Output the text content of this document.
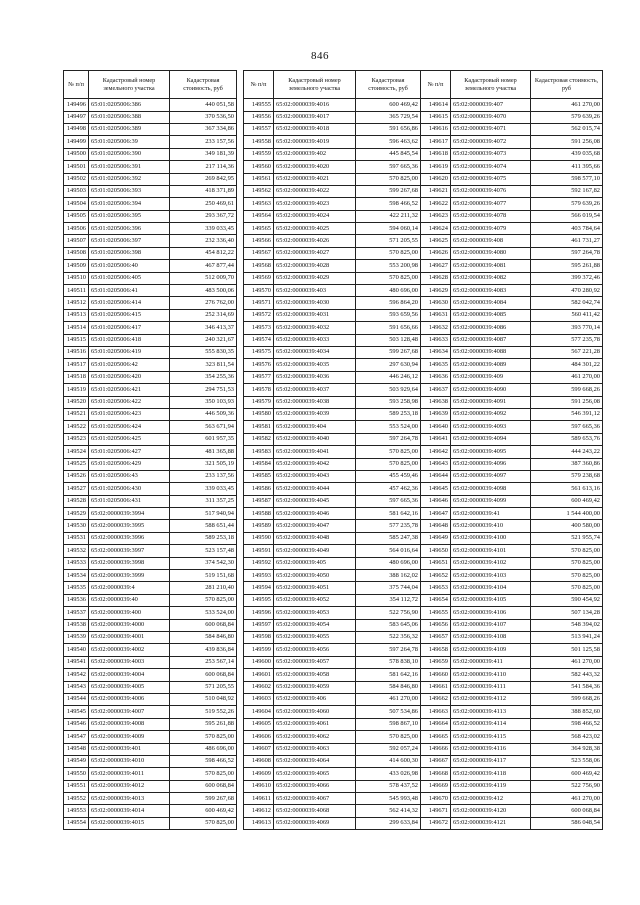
846
№ п/п	Кадастровый номер земельного участка	Кадастровая стоимость, руб
149496	65:01:0205006:386	440 051,58
149497	65:01:0205006:388	370 536,50
149498	65:01:0205006:389	367 334,86
149499	65:01:0205006:39	233 157,56
149500	65:01:0205006:390	349 181,39
149501	65:01:0205006:391	217 114,36
149502	65:01:0205006:392	269 842,95
149503	65:01:0205006:393	418 371,89
149504	65:01:0205006:394	250 469,61
149505	65:01:0205006:395	293 367,72
149506	65:01:0205006:396	339 033,45
149507	65:01:0205006:397	232 336,40
149508	65:01:0205006:398	454 812,22
149509	65:01:0205006:40	467 877,44
149510	65:01:0205006:405	512 009,70
149511	65:01:0205006:41	483 500,06
149512	65:01:0205006:414	276 762,00
149513	65:01:0205006:415	252 314,69
149514	65:01:0205006:417	346 413,37
149515	65:01:0205006:418	240 321,67
149516	65:01:0205006:419	555 830,35
149517	65:01:0205006:42	323 811,54
149518	65:01:0205006:420	354 255,36
149519	65:01:0205006:421	294 751,53
149520	65:01:0205006:422	350 103,93
149521	65:01:0205006:423	446 509,36
149522	65:01:0205006:424	563 671,94
149523	65:01:0205006:425	601 957,35
149524	65:01:0205006:427	481 365,88
149525	65:01:0205006:429	321 505,19
149526	65:01:0205006:43	233 137,56
149527	65:01:0205006:430	339 033,45
149528	65:01:0205006:431	311 357,25
149529	65:02:0000039:3994	517 940,94
149530	65:02:0000039:3995	588 651,44
149531	65:02:0000039:3996	589 253,18
149532	65:02:0000039:3997	523 157,48
149533	65:02:0000039:3998	374 542,30
149534	65:02:0000039:3999	519 151,68
149535	65:02:0000039:4	281 210,40
149536	65:02:0000039:40	570 825,00
149537	65:02:0000039:400	533 524,00
149538	65:02:0000039:4000	600 068,84
149539	65:02:0000039:4001	584 846,80
149540	65:02:0000039:4002	439 836,84
149541	65:02:0000039:4003	253 567,14
149542	65:02:0000039:4004	600 068,84
149543	65:02:0000039:4005	571 205,55
149544	65:02:0000039:4006	510 048,92
149545	65:02:0000039:4007	519 552,26
149546	65:02:0000039:4008	595 261,88
149547	65:02:0000039:4009	570 825,00
149548	65:02:0000039:401	486 696,00
149549	65:02:0000039:4010	598 466,52
149550	65:02:0000039:4011	570 825,00
149551	65:02:0000039:4012	600 068,84
149552	65:02:0000039:4013	599 267,68
149553	65:02:0000039:4014	600 469,42
149554	65:02:0000039:4015	570 825,00
№ п/п	Кадастровый номер земельного участка	Кадастровая стоимость, руб
149555	65:02:0000039:4016	600 469,42
149556	65:02:0000039:4017	365 729,54
149557	65:02:0000039:4018	591 656,86
149558	65:02:0000039:4019	596 463,62
149559	65:02:0000039:402	445 845,54
149560	65:02:0000039:4020	597 665,36
149561	65:02:0000039:4021	570 825,00
149562	65:02:0000039:4022	599 267,68
149563	65:02:0000039:4023	598 466,52
149564	65:02:0000039:4024	422 211,32
149565	65:02:0000039:4025	594 060,14
149566	65:02:0000039:4026	571 205,55
149567	65:02:0000039:4027	570 825,00
149568	65:02:0000039:4028	553 200,98
149569	65:02:0000039:4029	570 825,00
149570	65:02:0000039:403	480 696,00
149571	65:02:0000039:4030	596 864,20
149572	65:02:0000039:4031	593 659,56
149573	65:02:0000039:4032	591 656,66
149574	65:02:0000039:4033	503 128,48
149575	65:02:0000039:4034	599 267,68
149576	65:02:0000039:4035	297 630,94
149577	65:02:0000039:4036	446 246,12
149578	65:02:0000039:4037	503 929,64
149579	65:02:0000039:4038	593 258,98
149580	65:02:0000039:4039	589 253,18
149581	65:02:0000039:404	553 524,00
149582	65:02:0000039:4040	597 264,78
149583	65:02:0000039:4041	570 825,00
149584	65:02:0000039:4042	570 825,00
149585	65:02:0000039:4043	455 459,46
149586	65:02:0000039:4044	457 462,36
149587	65:02:0000039:4045	597 665,36
149588	65:02:0000039:4046	581 642,16
149589	65:02:0000039:4047	577 235,78
149590	65:02:0000039:4048	585 247,38
149591	65:02:0000039:4049	564 016,64
149592	65:02:0000039:405	480 696,00
149593	65:02:0000039:4050	388 162,02
149594	65:02:0000039:4051	375 744,04
149595	65:02:0000039:4052	354 112,72
149596	65:02:0000039:4053	522 756,90
149597	65:02:0000039:4054	583 645,06
149598	65:02:0000039:4055	522 356,32
149599	65:02:0000039:4056	597 264,78
149600	65:02:0000039:4057	578 838,10
149601	65:02:0000039:4058	581 642,16
149602	65:02:0000039:4059	584 846,80
149603	65:02:0000039:406	461 270,00
149604	65:02:0000039:4060	507 534,86
149605	65:02:0000039:4061	598 867,10
149606	65:02:0000039:4062	570 825,00
149607	65:02:0000039:4063	592 057,24
149608	65:02:0000039:4064	414 600,30
149609	65:02:0000039:4065	433 026,98
149610	65:02:0000039:4066	578 437,52
149611	65:02:0000039:4067	545 993,48
149612	65:02:0000039:4068	562 414,32
149613	65:02:0000039:4069	299 633,84
№ п/п	Кадастровый номер земельного участка	Кадастровая стоимость, руб
149614	65:02:0000039:407	461 270,00
149615	65:02:0000039:4070	579 639,26
149616	65:02:0000039:4071	562 015,74
149617	65:02:0000039:4072	591 256,08
149618	65:02:0000039:4073	439 035,68
149619	65:02:0000039:4074	411 395,66
149620	65:02:0000039:4075	598 577,10
149621	65:02:0000039:4076	592 167,82
149622	65:02:0000039:4077	579 639,26
149623	65:02:0000039:4078	566 019,54
149624	65:02:0000039:4079	403 784,64
149625	65:02:0000039:408	461 731,27
149626	65:02:0000039:4080	597 264,78
149627	65:02:0000039:4081	595 261,88
149628	65:02:0000039:4082	399 372,46
149629	65:02:0000039:4083	470 280,92
149630	65:02:0000039:4084	582 042,74
149631	65:02:0000039:4085	560 411,42
149632	65:02:0000039:4086	393 770,14
149633	65:02:0000039:4087	577 235,78
149634	65:02:0000039:4088	567 221,28
149635	65:02:0000039:4089	484 301,22
149636	65:02:0000039:409	461 270,00
149637	65:02:0000039:4090	599 668,26
149638	65:02:0000039:4091	591 256,08
149639	65:02:0000039:4092	546 391,12
149640	65:02:0000039:4093	597 665,36
149641	65:02:0000039:4094	589 653,76
149642	65:02:0000039:4095	444 243,22
149643	65:02:0000039:4096	387 360,86
149644	65:02:0000039:4097	579 238,68
149645	65:02:0000039:4098	561 613,16
149646	65:02:0000039:4099	600 469,42
149647	65:02:0000039:41	1 544 400,00
149648	65:02:0000039:410	400 580,00
149649	65:02:0000039:4100	521 955,74
149650	65:02:0000039:4101	570 825,00
149651	65:02:0000039:4102	570 825,00
149652	65:02:0000039:4103	570 825,00
149653	65:02:0000039:4104	570 825,00
149654	65:02:0000039:4105	590 454,92
149655	65:02:0000039:4106	507 134,28
149656	65:02:0000039:4107	548 394,02
149657	65:02:0000039:4108	513 941,24
149658	65:02:0000039:4109	501 125,58
149659	65:02:0000039:411	461 270,00
149660	65:02:0000039:4110	582 443,32
149661	65:02:0000039:4111	541 584,36
149662	65:02:0000039:4112	599 668,26
149663	65:02:0000039:4113	388 852,60
149664	65:02:0000039:4114	598 466,52
149665	65:02:0000039:4115	568 423,02
149666	65:02:0000039:4116	364 928,38
149667	65:02:0000039:4117	523 558,06
149668	65:02:0000039:4118	600 469,42
149669	65:02:0000039:4119	522 756,90
149670	65:02:0000039:412	461 270,00
149671	65:02:0000039:4120	600 068,84
149672	65:02:0000039:4121	586 048,54
